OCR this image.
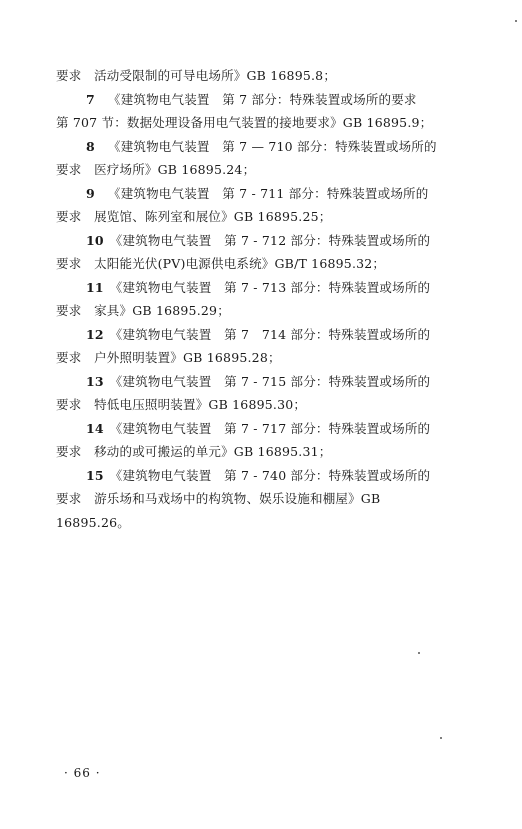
要求　活动受限制的可导电场所》GB 16895.8；
7 《建筑物电气装置　第 7 部分：特殊装置或场所的要求
第 707 节：数据处理设备用电气装置的接地要求》GB 16895.9；
8 《建筑物电气装置　第 7 — 710 部分：特殊装置或场所的
要求　医疗场所》GB 16895.24；
9 《建筑物电气装置　第 7 - 711 部分：特殊装置或场所的
要求　展览馆、陈列室和展位》GB 16895.25；
10 《建筑物电气装置　第 7 - 712 部分：特殊装置或场所的
要求　太阳能光伏(PV)电源供电系统》GB/T 16895.32；
11 《建筑物电气装置　第 7 - 713 部分：特殊装置或场所的
要求　家具》GB 16895.29；
12 《建筑物电气装置　第 7　714 部分：特殊装置或场所的
要求　户外照明装置》GB 16895.28；
13 《建筑物电气装置　第 7 - 715 部分：特殊装置或场所的
要求　特低电压照明装置》GB 16895.30；
14 《建筑物电气装置　第 7 - 717 部分：特殊装置或场所的
要求　移动的或可搬运的单元》GB 16895.31；
15 《建筑物电气装置　第 7 - 740 部分：特殊装置或场所的
要求　游乐场和马戏场中的构筑物、娱乐设施和棚屋》GB
16895.26。
· 66 ·
